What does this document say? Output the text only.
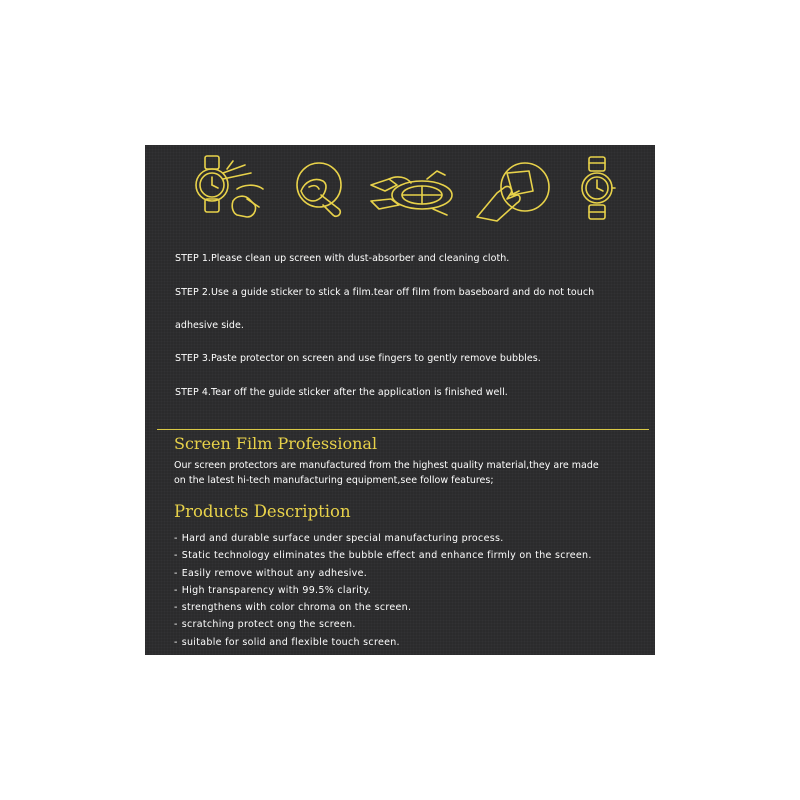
STEP 1.Please clean up screen with dust-absorber and cleaning cloth.
STEP 2.Use a guide sticker to stick a film.tear off film from baseboard and do not touch
adhesive side.
STEP 3.Paste protector on screen and use fingers to gently remove bubbles.
STEP 4.Tear off the guide sticker after the application is finished well.
Screen Film Professional
Our screen protectors are manufactured from the highest quality material,they are made
on the latest hi-tech manufacturing equipment,see follow features;
Products Description
- Hard and durable surface under special manufacturing process.
- Static technology eliminates the bubble effect and enhance firmly on the screen.
- Easily remove without any adhesive.
- High transparency with 99.5% clarity.
- strengthens with color chroma on the screen.
- scratching protect ong the screen.
- suitable for solid and flexible touch screen.
